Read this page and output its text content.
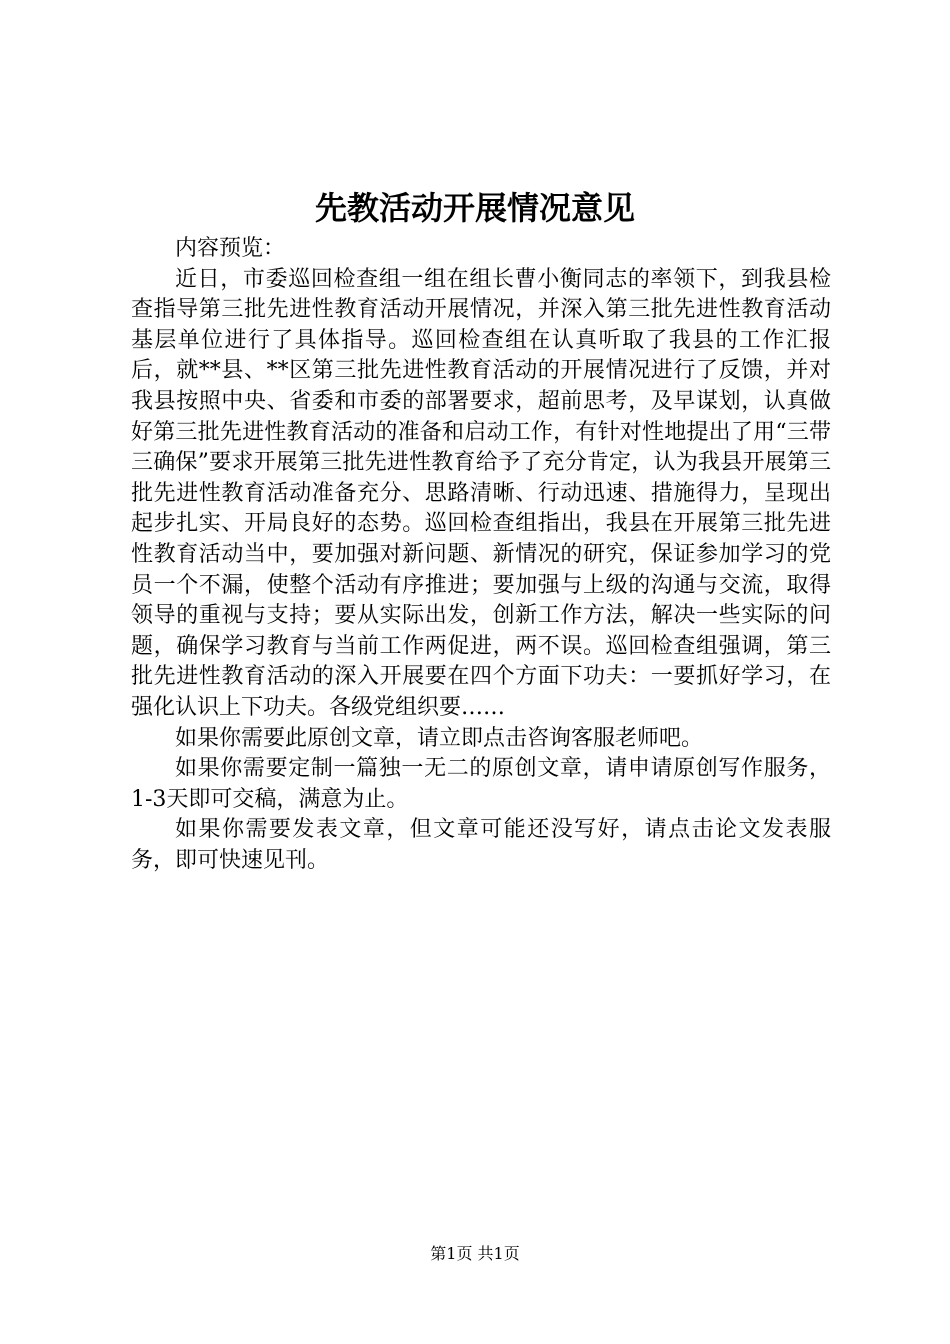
先教活动开展情况意见

内容预览：

近日，市委巡回检查组一组在组长曹小衡同志的率领下，到我县检查指导第三批先进性教育活动开展情况，并深入第三批先进性教育活动基层单位进行了具体指导。巡回检查组在认真听取了我县的工作汇报后，就**县、**区第三批先进性教育活动的开展情况进行了反馈，并对我县按照中央、省委和市委的部署要求，超前思考，及早谋划，认真做好第三批先进性教育活动的准备和启动工作，有针对性地提出了用“三带三确保”要求开展第三批先进性教育给予了充分肯定，认为我县开展第三批先进性教育活动准备充分、思路清晰、行动迅速、措施得力，呈现出起步扎实、开局良好的态势。巡回检查组指出，我县在开展第三批先进性教育活动当中，要加强对新问题、新情况的研究，保证参加学习的党员一个不漏，使整个活动有序推进；要加强与上级的沟通与交流，取得领导的重视与支持；要从实际出发，创新工作方法，解决一些实际的问题，确保学习教育与当前工作两促进，两不误。巡回检查组强调，第三批先进性教育活动的深入开展要在四个方面下功夫：一要抓好学习，在强化认识上下功夫。各级党组织要……

如果你需要此原创文章，请立即点击咨询客服老师吧。

如果你需要定制一篇独一无二的原创文章，请申请原创写作服务，1-3天即可交稿，满意为止。

如果你需要发表文章，但文章可能还没写好，请点击论文发表服务，即可快速见刊。

第1页 共1页
